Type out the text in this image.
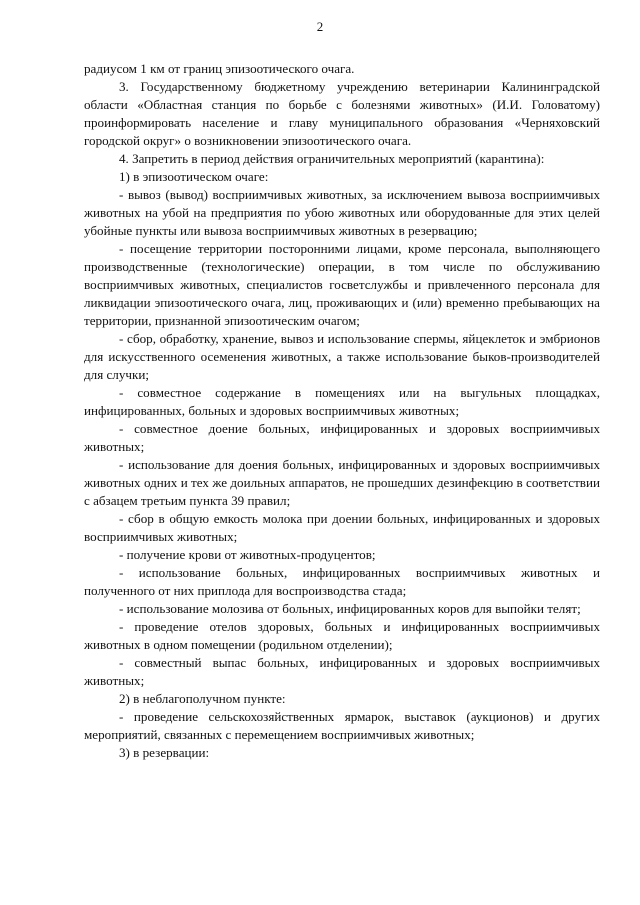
2

радиусом 1 км от границ эпизоотического очага.

3. Государственному бюджетному учреждению ветеринарии Калининградской области «Областная станция по борьбе с болезнями животных» (И.И. Головатому) проинформировать население и главу муниципального образования «Черняховский городской округ» о возникновении эпизоотического очага.

4. Запретить в период действия ограничительных мероприятий (карантина):

1) в эпизоотическом очаге:

- вывоз (вывод) восприимчивых животных, за исключением вывоза восприимчивых животных на убой на предприятия по убою животных или оборудованные для этих целей убойные пункты или вывоза восприимчивых животных в резервацию;

- посещение территории посторонними лицами, кроме персонала, выполняющего производственные (технологические) операции, в том числе по обслуживанию восприимчивых животных, специалистов госветслужбы и привлеченного персонала для ликвидации эпизоотического очага, лиц, проживающих и (или) временно пребывающих на территории, признанной эпизоотическим очагом;

- сбор, обработку, хранение, вывоз и использование спермы, яйцеклеток и эмбрионов для искусственного осеменения животных, а также использование быков-производителей для случки;

- совместное содержание в помещениях или на выгульных площадках, инфицированных, больных и здоровых восприимчивых животных;

- совместное доение больных, инфицированных и здоровых восприимчивых животных;

- использование для доения больных, инфицированных и здоровых восприимчивых животных одних и тех же доильных аппаратов, не прошедших дезинфекцию в соответствии с абзацем третьим пункта 39 правил;

- сбор в общую емкость молока при доении больных, инфицированных и здоровых восприимчивых животных;

- получение крови от животных-продуцентов;

- использование больных, инфицированных восприимчивых животных и полученного от них приплода для воспроизводства стада;

- использование молозива от больных, инфицированных коров для выпойки телят;

- проведение отелов здоровых, больных и инфицированных восприимчивых животных в одном помещении (родильном отделении);

- совместный выпас больных, инфицированных и здоровых восприимчивых животных;

2) в неблагополучном пункте:

- проведение сельскохозяйственных ярмарок, выставок (аукционов) и других мероприятий, связанных с перемещением восприимчивых животных;

3) в резервации:
